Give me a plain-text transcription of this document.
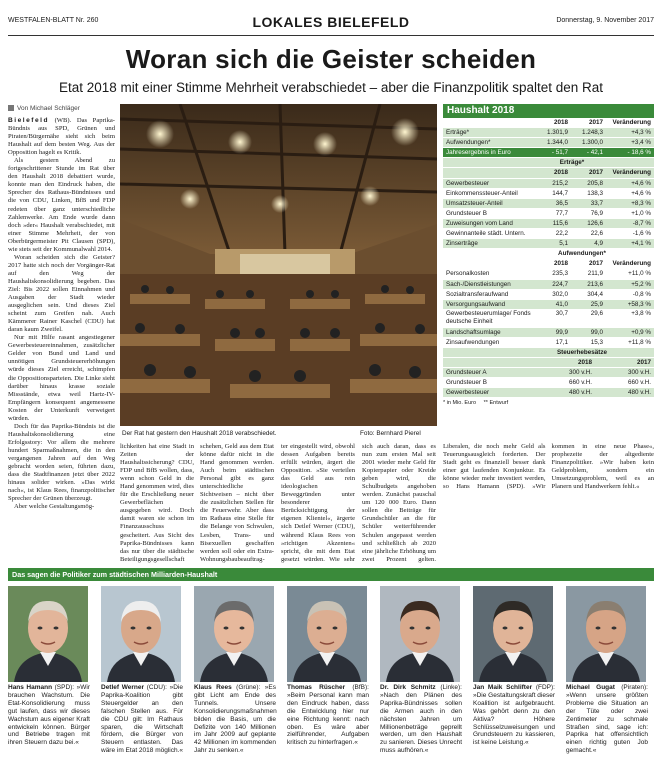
WESTFALEN-BLATT Nr. 260	LOKALES BIELEFELD	Donnerstag, 9. November 2017
Woran sich die Geister scheiden
Etat 2018 mit einer Stimme Mehrheit verabschiedet – aber die Finanzpolitik spaltet den Rat
Von Michael Schläger

Bielefeld (WB). Das Paprika-Bündnis aus SPD, Grünen und Piraten/Bürgernähe sieht sich beim Haushalt auf dem besten Weg. Aus der Opposition hagelt es Kritik.

Als gestern Abend zu fortgeschrittener Stunde im Rat über den Haushalt 2018 debattiert wurde, konnte man den Eindruck haben, die Sprecher des Rathaus-Bündnisses und die von CDU, Linken, BfB und FDP redeten über ganz unterschiedliche Zahlenwerke. Am Ende wurde dann doch »der« Haushalt verabschiedet, mit einer Stimme Mehrheit, der von Oberbürgermeister Pit Clausen (SPD), wie stets seit der Kommunalwahl 2014.

Woran scheiden sich die Geister? 2017 hatte sich noch der Vorgänger-Rat auf den Weg der Haushaltskonsolidierung begeben. Das Ziel: Bis 2022 sollen Einnahmen und Ausgaben der Stadt wieder ausgeglichen sein. Und dieses Ziel scheint zum Greifen nah. Auch Kämmerer Rainer Kaschel (CDU) hat daran kaum Zweifel.

Nur mit Hilfe rasant angestiegener Gewerbesteuereinnahmen, zusätzlicher Gelder von Bund und Land und unnötigen Grundsteuererhöhungen würde dieses Ziel erreicht, schimpfen die Oppositionsparteien. Die Linke sieht darüber hinaus krasse soziale Missstände, etwa weil Hartz-IV-Empfängern konsequent angemessene Kosten der Unterkunft verweigert würden.

Doch für das Paprika-Bündnis ist die Haushaltskonsolidierung eine Erfolgsstory: Vor allem die mehrere hundert Sparmaßnahmen, die in den vergangenen Jahren auf den Weg gebracht worden seien, führten dazu, dass die Stadtfinanzen jetzt über 2022 hinaus solider wirken. »Das wirkt nach«, ist Klaus Rees, finanzpolitischer Sprecher der Grünen überzeugt.

Aber welche Gestaltungsmög-

Der Rat hat gestern den Haushalt 2018 verabschiedet.	Foto: Bernhard Pierel
lichkeiten hat eine Stadt in Zeiten der Haushaltssicherung? CDU, FDP und BfB wollen, dass, wenn schon Geld in die Hand genommen wird, dies für die Erschließung neuer Gewerbeflächen ausgegeben wird. Doch damit waren sie schon im Finanzausschuss gescheitert. Aus Sicht des Paprika-Bündnisses kann das nur über die städtische Beteiligungsgesellschaft
schehen, Geld aus dem Etat könne dafür nicht in die Hand genommen werden. Auch beim städtischen Personal gibt es ganz unterschiedliche Sichtweisen – nicht über die zusätzlichen Stellen für die Feuerwehr. Aber dass im Rathaus eine Stelle für die Belange von Schwulen, Lesben, Trans- und Bisexuellen geschaffen werden soll oder ein Extra-Wohnungsbaubeauftrag-
ter eingestellt wird, obwohl dessen Aufgaben bereits erfüllt würden, ärgert die Opposition. »Sie verteilen das Geld aus rein ideologischen Beweggründen unter besonderer Berücksichtigung der eigenen Klientel«, ärgerte sich Detlef Werner (CDU), während Klaus Rees von »richtigen Akzenten« spricht, die mit dem Etat gesetzt würden. Wie sehr
sich auch daran, dass es nun zum ersten Mal seit 2001 wieder mehr Geld für Kopierpapier oder Kreide geben wird, die Schulbudgets angehoben werden. Zunächst pauschal um 120 000 Euro. Dann sollen die Beiträge für Grundschüler an die für Schüler weiterführender Schulen angepasst werden und schließlich ab 2020 eine jährliche Erhöhung um zwei Prozent gelten.
Liberalen, die noch mehr Geld als Teuerungsausgleich forderten. Der Stadt geht es finanziell besser dank einer gut laufenden Konjunktur. Es könne wieder mehr investiert werden, so Hans Hamann (SPD). »Wir kommen in eine neue Phase«, prophezeite der altgediente Finanzpolitiker. »Wir haben kein Geldproblem, sondern ein Umsetzungsproblem, weil es an Planern und Handwerkern fehlt.«
Haushalt 2018
2018	2017	Veränderung
Erträge*	1.301,9	1.248,3	+4,3 %
Aufwendungen*	1.344,0	1.300,0	+3,4 %
Jahresergebnis in Euro	- 51,7	- 42,1	- 18,6 %
Erträge*
2018	2017	Veränderung
Gewerbesteuer	215,2	205,8	+4,6 %
Einkommenssteuer-Anteil	144,7	138,3	+4,6 %
Umsatzsteuer-Anteil	36,5	33,7	+8,3 %
Grundsteuer B	77,7	76,9	+1,0 %
Zuweisungen vom Land	115,6	126,6	-8,7 %
Gewinnanteile städt. Untern.	22,2	22,6	-1,6 %
Zinserträge	5,1	4,9	+4,1 %
Aufwendungen*
2018	2017	Veränderung
Personalkosten	235,3	211,9	+11,0 %
Sach-/Dienstleistungen	224,7	213,6	+5,2 %
Sozialtransferaufwand	302,0	304,4	-0,8 %
Versorgungsaufwand	41,0	25,9	+58,3 %
Gewerbesteuerumlage/ Fonds deutsche Einheit
30,7	29,6	+3,8 %
Landschaftsumlage	99,9	99,0	+0,9 %
Zinsaufwendungen	17,1	15,3	+11,8 %
Steuerhebesätze
2018	2017
Grundsteuer A	300 v.H.	300 v.H.
Grundsteuer B	660 v.H.	660 v.H.
Gewerbesteuer	480 v.H.	480 v.H.
* in Mio. Euro ** Entwurf
Das sagen die Politiker zum städtischen Milliarden-Haushalt
Hans Hamann (SPD): »Wir brauchen Wachstum. Die Etat-Konsolidierung muss gut laufen, dass wir dieses Wachstum aus eigener Kraft entwickeln können. Bürger und Betriebe tragen mit ihren Steuern dazu bei.«
Detlef Werner (CDU): »Die Paprika-Koalition gibt Steuergelder an den falschen Stellen aus. Für die CDU gilt: Im Rathaus sparen, die Wirtschaft fördern, die Bürger von Steuern entlasten. Das wäre im Etat 2018 möglich.«
Klaus Rees (Grüne): »Es gibt Licht am Ende des Tunnels. Unsere Konsolidierungsmaßnahmen bilden die Basis, um die Defizite von 140 Millionen im Jahr 2009 auf geplante 42 Millionen im kommenden Jahr zu senken.«
Thomas Rüscher (BfB): »Beim Personal kann man den Eindruck haben, dass die Entwicklung hier nur eine Richtung kennt: nach oben. Es wäre aber zielführender, Aufgaben kritisch zu hinterfragen.«
Dr. Dirk Schmitz (Linke): »Nach den Plänen des Paprika-Bündnisses sollen die Armen auch in den nächsten Jahren um Millionenbeträge geprellt werden, um den Haushalt zu sanieren. Dieses Unrecht muss aufhören.«
Jan Maik Schlifter (FDP): »Die Gestaltungskraft dieser Koalition ist aufgebraucht. Was gehört denn zu den Aktiva? Höhere Schlüsselzuweisungen und Grundsteuern zu kassieren, ist keine Leistung.«
Michael Gugat (Piraten): »Wenn unsere größten Probleme die Situation an der Tüte oder zwei Zentimeter zu schmale Straßen sind, sage ich: Paprika hat offensichtlich einen richtig guten Job gemacht.«
